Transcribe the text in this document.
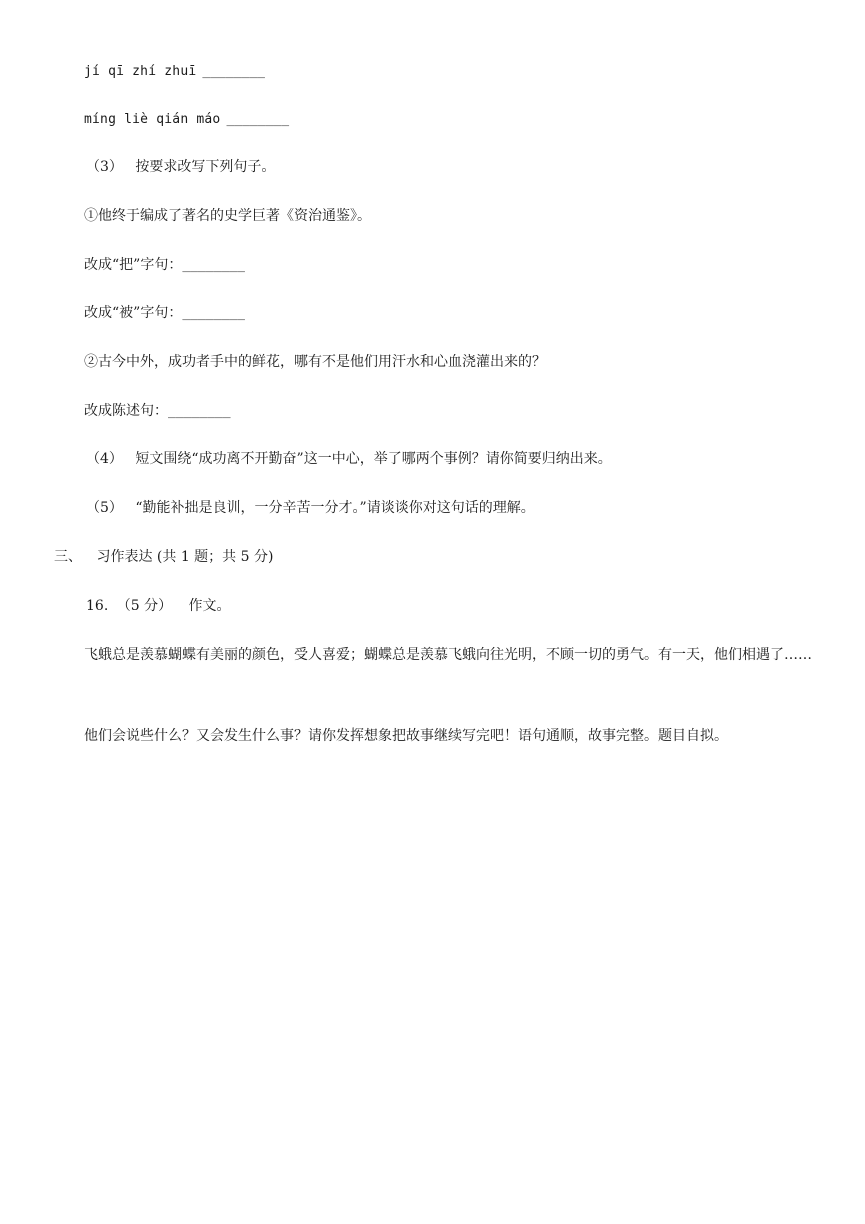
jí qī zhí zhuī ________
míng liè qián máo ________
（3） 按要求改写下列句子。
①他终于编成了著名的史学巨著《资治通鉴》。
改成“把”字句：________
改成“被”字句：________
②古今中外，成功者手中的鲜花，哪有不是他们用汗水和心血浇灌出来的？
改成陈述句：________
（4） 短文围绕“成功离不开勤奋”这一中心，举了哪两个事例？请你简要归纳出来。
（5） “勤能补拙是良训，一分辛苦一分才。”请谈谈你对这句话的理解。
三、 习作表达 (共 1 题；共 5 分)
16. （5 分） 作文。
飞蛾总是羡慕蝴蝶有美丽的颜色，受人喜爱；蝴蝶总是羡慕飞蛾向往光明，不顾一切的勇气。有一天，他们相遇了……
他们会说些什么？又会发生什么事？请你发挥想象把故事继续写完吧！语句通顺，故事完整。题目自拟。
